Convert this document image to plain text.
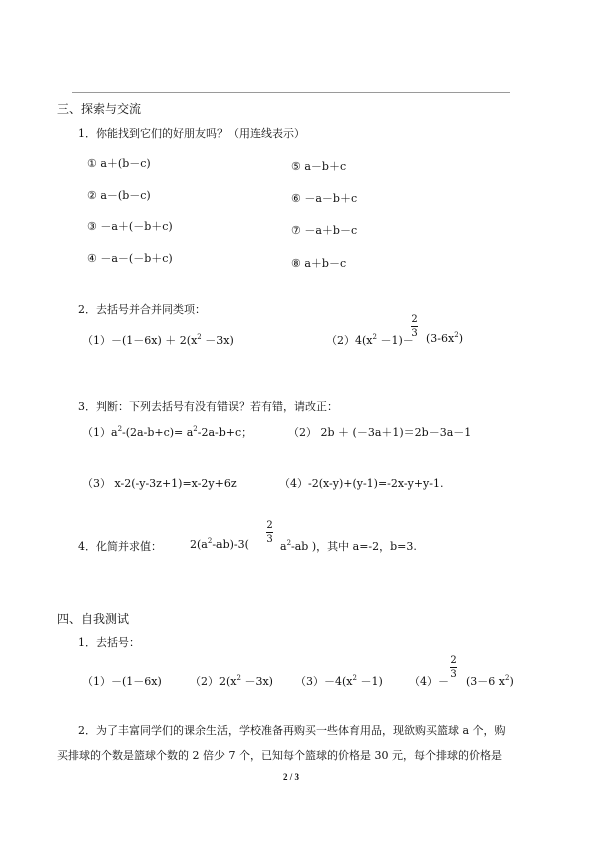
三、探索与交流
1．你能找到它们的好朋友吗？（用连线表示）
① a＋(b－c)
② a－(b－c)
③ －a＋(－b＋c)
④ －a－(－b＋c)
⑤ a－b＋c
⑥ －a－b＋c
⑦ －a＋b－c
⑧ a＋b－c
2．去括号并合并同类项：
$(1)-(1-6x) + 2(x^2 -3x)$	$(2)4(x^2 -1)-$
2
3 $(3-6x^2)$
3．判断：下列去括号有没有错误？若有错，请改正：
$(1)a^2-(2a-b+c)= a^2-2a-b+c$；	（2） 2b ＋ (－3a＋1)＝2b－3a－1
（3） x-2(-y-3z+1)=x-2y+6z	（4）-2(x-y)+(y-1)=-2x-y+y-1.
4．化简并求值：	$2(a^2-ab)-3$(
2
3
$a^2-ab$ )，其中 a=-2，b=3.
四、自我测试
1．去括号：
（1）－(1－6x)	$(2)2(x^2 -3x)$ $(3)-4(x^2 -1)$ （4）－
2
3
(3－6 $x^2$)
2．为了丰富同学们的课余生活，学校准备再购买一些体育用品，现欲购买篮球 a 个，购
买排球的个数是篮球个数的 2 倍少 7 个，已知每个篮球的价格是 30 元，每个排球的价格是
2 / 3
